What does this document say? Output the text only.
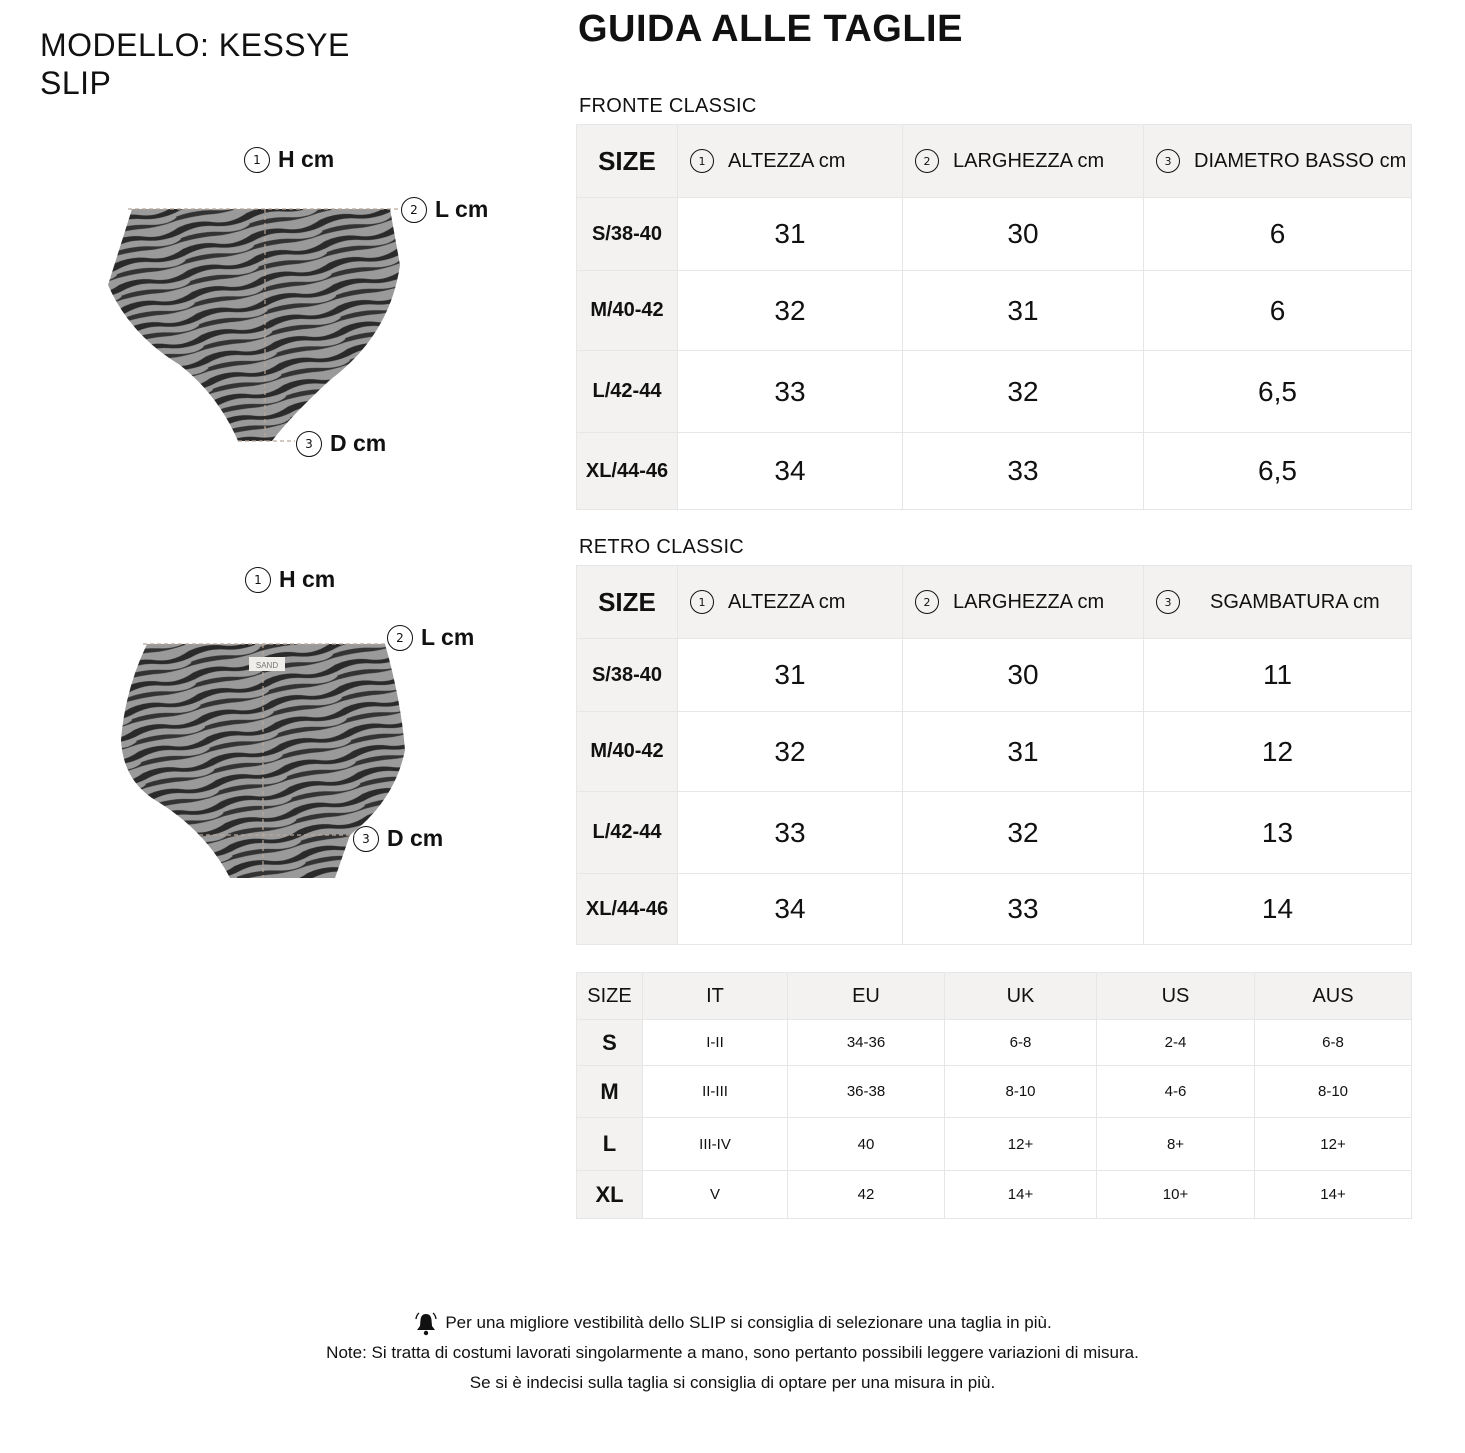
MODELLO: KESSYE
SLIP
1 H cm
2 L cm
3 D cm
1 H cm
2 L cm
3 D cm
SAND
GUIDA ALLE TAGLIE
FRONTE CLASSIC
SIZE	1 ALTEZZA cm	2 LARGHEZZA cm	3 DIAMETRO BASSO cm

S/38-40	31	30	6
M/40-42	32	31	6
L/42-44	33	32	6,5
XL/44-46	34	33	6,5
RETRO CLASSIC
SIZE	1 ALTEZZA cm	2 LARGHEZZA cm	3 SGAMBATURA cm

S/38-40	31	30	11
M/40-42	32	31	12
L/42-44	33	32	13
XL/44-46	34	33	14
SIZE	IT	EU	UK	US	AUS
S	I-II	34-36	6-8	2-4	6-8
M	II-III	36-38	8-10	4-6	8-10
L	III-IV	40	12+	8+	12+
XL	V	42	14+	10+	14+
Per una migliore vestibilità dello SLIP si consiglia di selezionare una taglia in più.
Note: Si tratta di costumi lavorati singolarmente a mano, sono pertanto possibili leggere variazioni di misura.
Se si è indecisi sulla taglia si consiglia di optare per una misura in più.
